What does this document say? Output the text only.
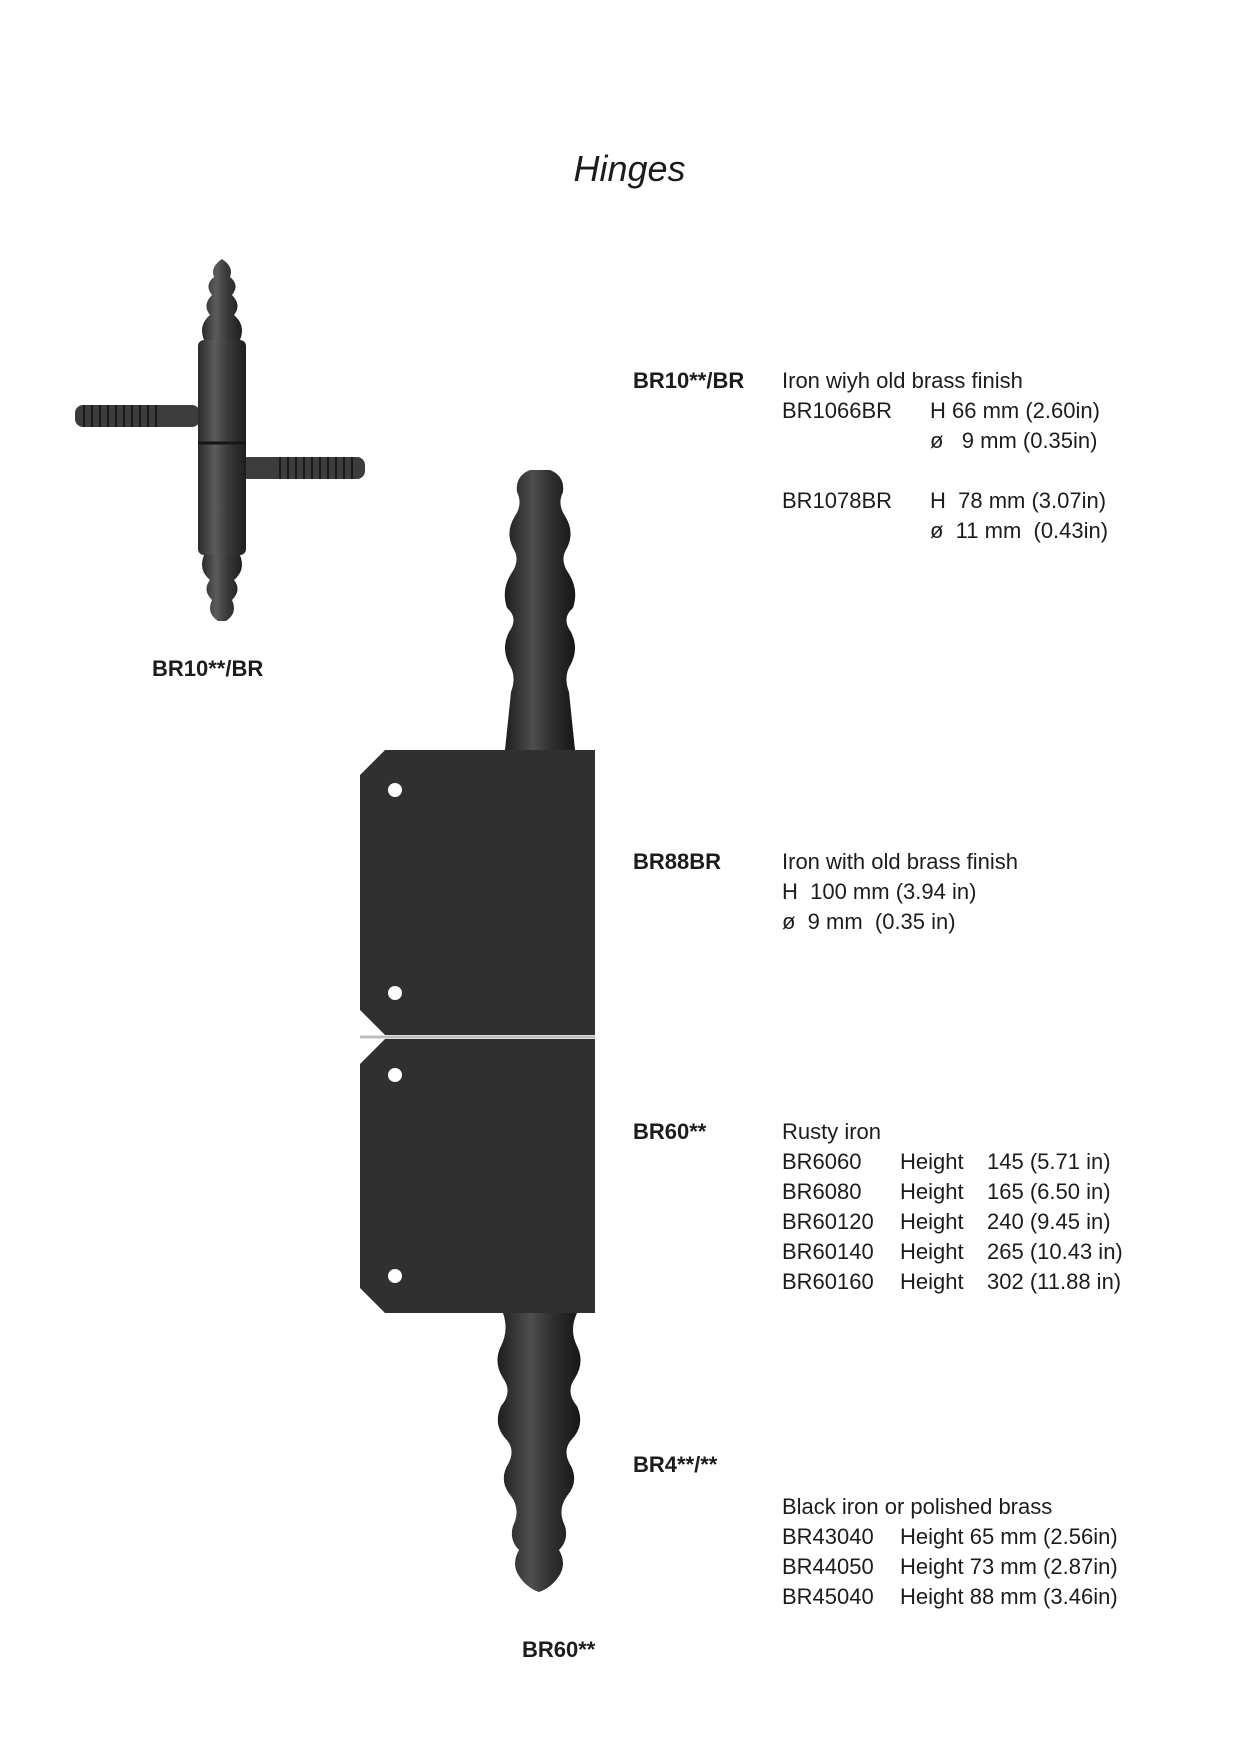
Hinges
BR10**/BR
BR60**
BR10**/BR Iron wiyh old brass finish
BR1066BR	H 66 mm (2.60in)
ø   9 mm (0.35in)
BR1078BR	H  78 mm (3.07in)
ø  11 mm  (0.43in)
BR88BR	Iron with old brass finish
H  100 mm (3.94 in)
ø  9 mm  (0.35 in)
BR60**	Rusty iron
BR6060	Height	145 (5.71 in)
BR6080	Height	165 (6.50 in)
BR60120	Height	240 (9.45 in)
BR60140	Height	265 (10.43 in)
BR60160	Height	302 (11.88 in)
BR4**/**
Black iron or polished brass
BR43040	Height 65 mm (2.56in)
BR44050	Height 73 mm (2.87in)
BR45040	Height 88 mm (3.46in)
